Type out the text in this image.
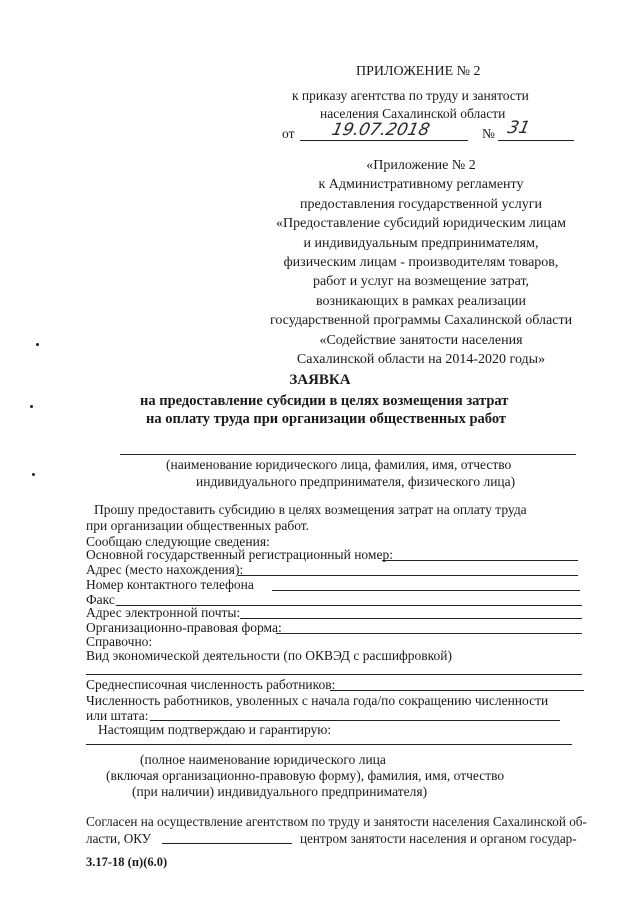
ПРИЛОЖЕНИЕ № 2
к приказу агентства по труду и занятости
населения Сахалинской области
от 19.07.2018	№ 31
«Приложение № 2
к Административному регламенту
предоставления государственной услуги
«Предоставление субсидий юридическим лицам
и индивидуальным предпринимателям,
физическим лицам - производителям товаров,
работ и услуг на возмещение затрат,
возникающих в рамках реализации
государственной программы Сахалинской области
«Содействие занятости населения
Сахалинской области на 2014-2020 годы»
ЗАЯВКА
на предоставление субсидии в целях возмещения затрат
на оплату труда при организации общественных работ
(наименование юридического лица, фамилия, имя, отчество
индивидуального предпринимателя, физического лица)
Прошу предоставить субсидию в целях возмещения затрат на оплату труда
при организации общественных работ.
Сообщаю следующие сведения:
Основной государственный регистрационный номер:
Адрес (место нахождения):
Номер контактного телефона
Факс
Адрес электронной почты:
Организационно-правовая форма:
Справочно:
Вид экономической деятельности (по ОКВЭД с расшифровкой)
Среднесписочная численность работников:
Численность работников, уволенных с начала года/по сокращению численности
или штата:
Настоящим подтверждаю и гарантирую:
(полное наименование юридического лица
(включая организационно-правовую форму), фамилия, имя, отчество
(при наличии) индивидуального предпринимателя)
Согласен на осуществление агентством по труду и занятости населения Сахалинской об-
ласти, ОКУ	центром занятости населения и органом государ-
3.17-18 (п)(6.0)
